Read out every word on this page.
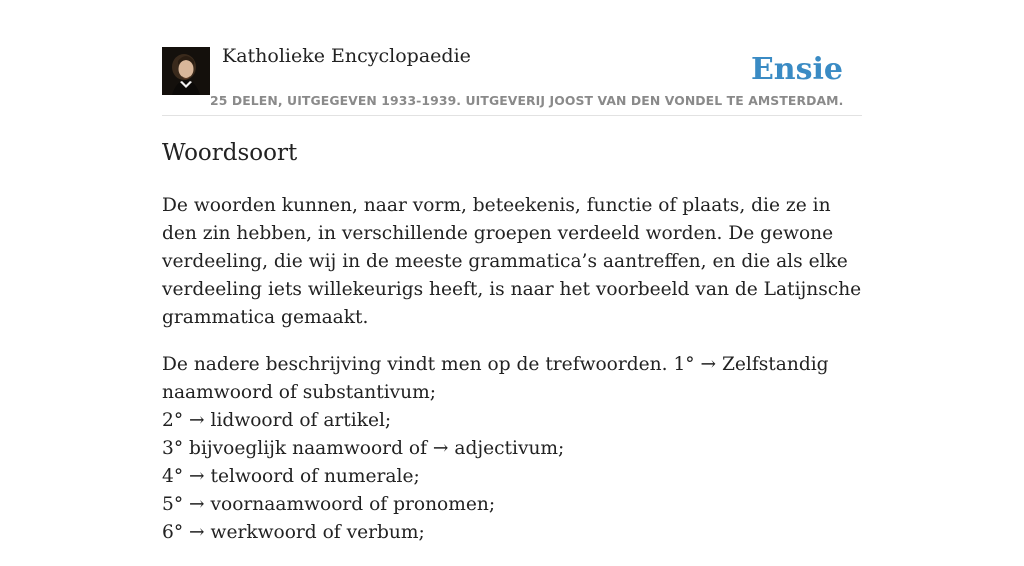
Katholieke Encyclopaedie
25 DELEN, UITGEGEVEN 1933-1939. UITGEVERIJ JOOST VAN DEN VONDEL TE AMSTERDAM.
Ensie
Woordsoort

De woorden kunnen, naar vorm, beteekenis, functie of plaats, die ze in den zin hebben, in verschillende groepen verdeeld worden. De gewone verdeeling, die wij in de meeste grammatica’s aantreffen, en die als elke verdeeling iets willekeurigs heeft, is naar het voorbeeld van de Latijnsche grammatica gemaakt.

De nadere beschrijving vindt men op de trefwoorden. 1° → Zelfstandig
naamwoord of substantivum;
2° → lidwoord of artikel;
3° bijvoeglijk naamwoord of → adjectivum;
4° → telwoord of numerale;
5° → voornaamwoord of pronomen;
6° → werkwoord of verbum;
